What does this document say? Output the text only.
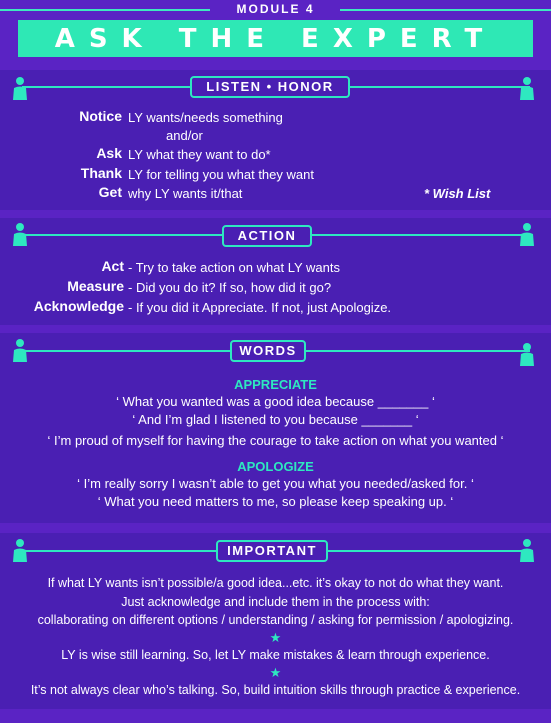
MODULE 4
ASK THE EXPERT
LISTEN • HONOR
Notice LY wants/needs something
and/or
Ask LY what they want to do*
Thank LY for telling you what they want
Get why LY wants it/that	* Wish List
ACTION
Act - Try to take action on what LY wants
Measure - Did you do it? If so, how did it go?
Acknowledge - If you did it Appreciate. If not, just Apologize.
WORDS
APPRECIATE
‘ What you wanted was a good idea because _______ ‘
‘ And I’m glad I listened to you because _______ ‘
‘ I’m proud of myself for having the courage to take action on what you wanted ‘
APOLOGIZE
‘ I’m really sorry I wasn’t able to get you what you needed/asked for. ‘
‘ What you need matters to me, so please keep speaking up. ‘
IMPORTANT
If what LY wants isn’t possible/a good idea...etc. it’s okay to not do what they want.
Just acknowledge and include them in the process with:
collaborating on different options / understanding / asking for permission / apologizing.
★
LY is wise still learning. So, let LY make mistakes & learn through experience.
★
It’s not always clear who’s talking. So, build intuition skills through practice & experience.
